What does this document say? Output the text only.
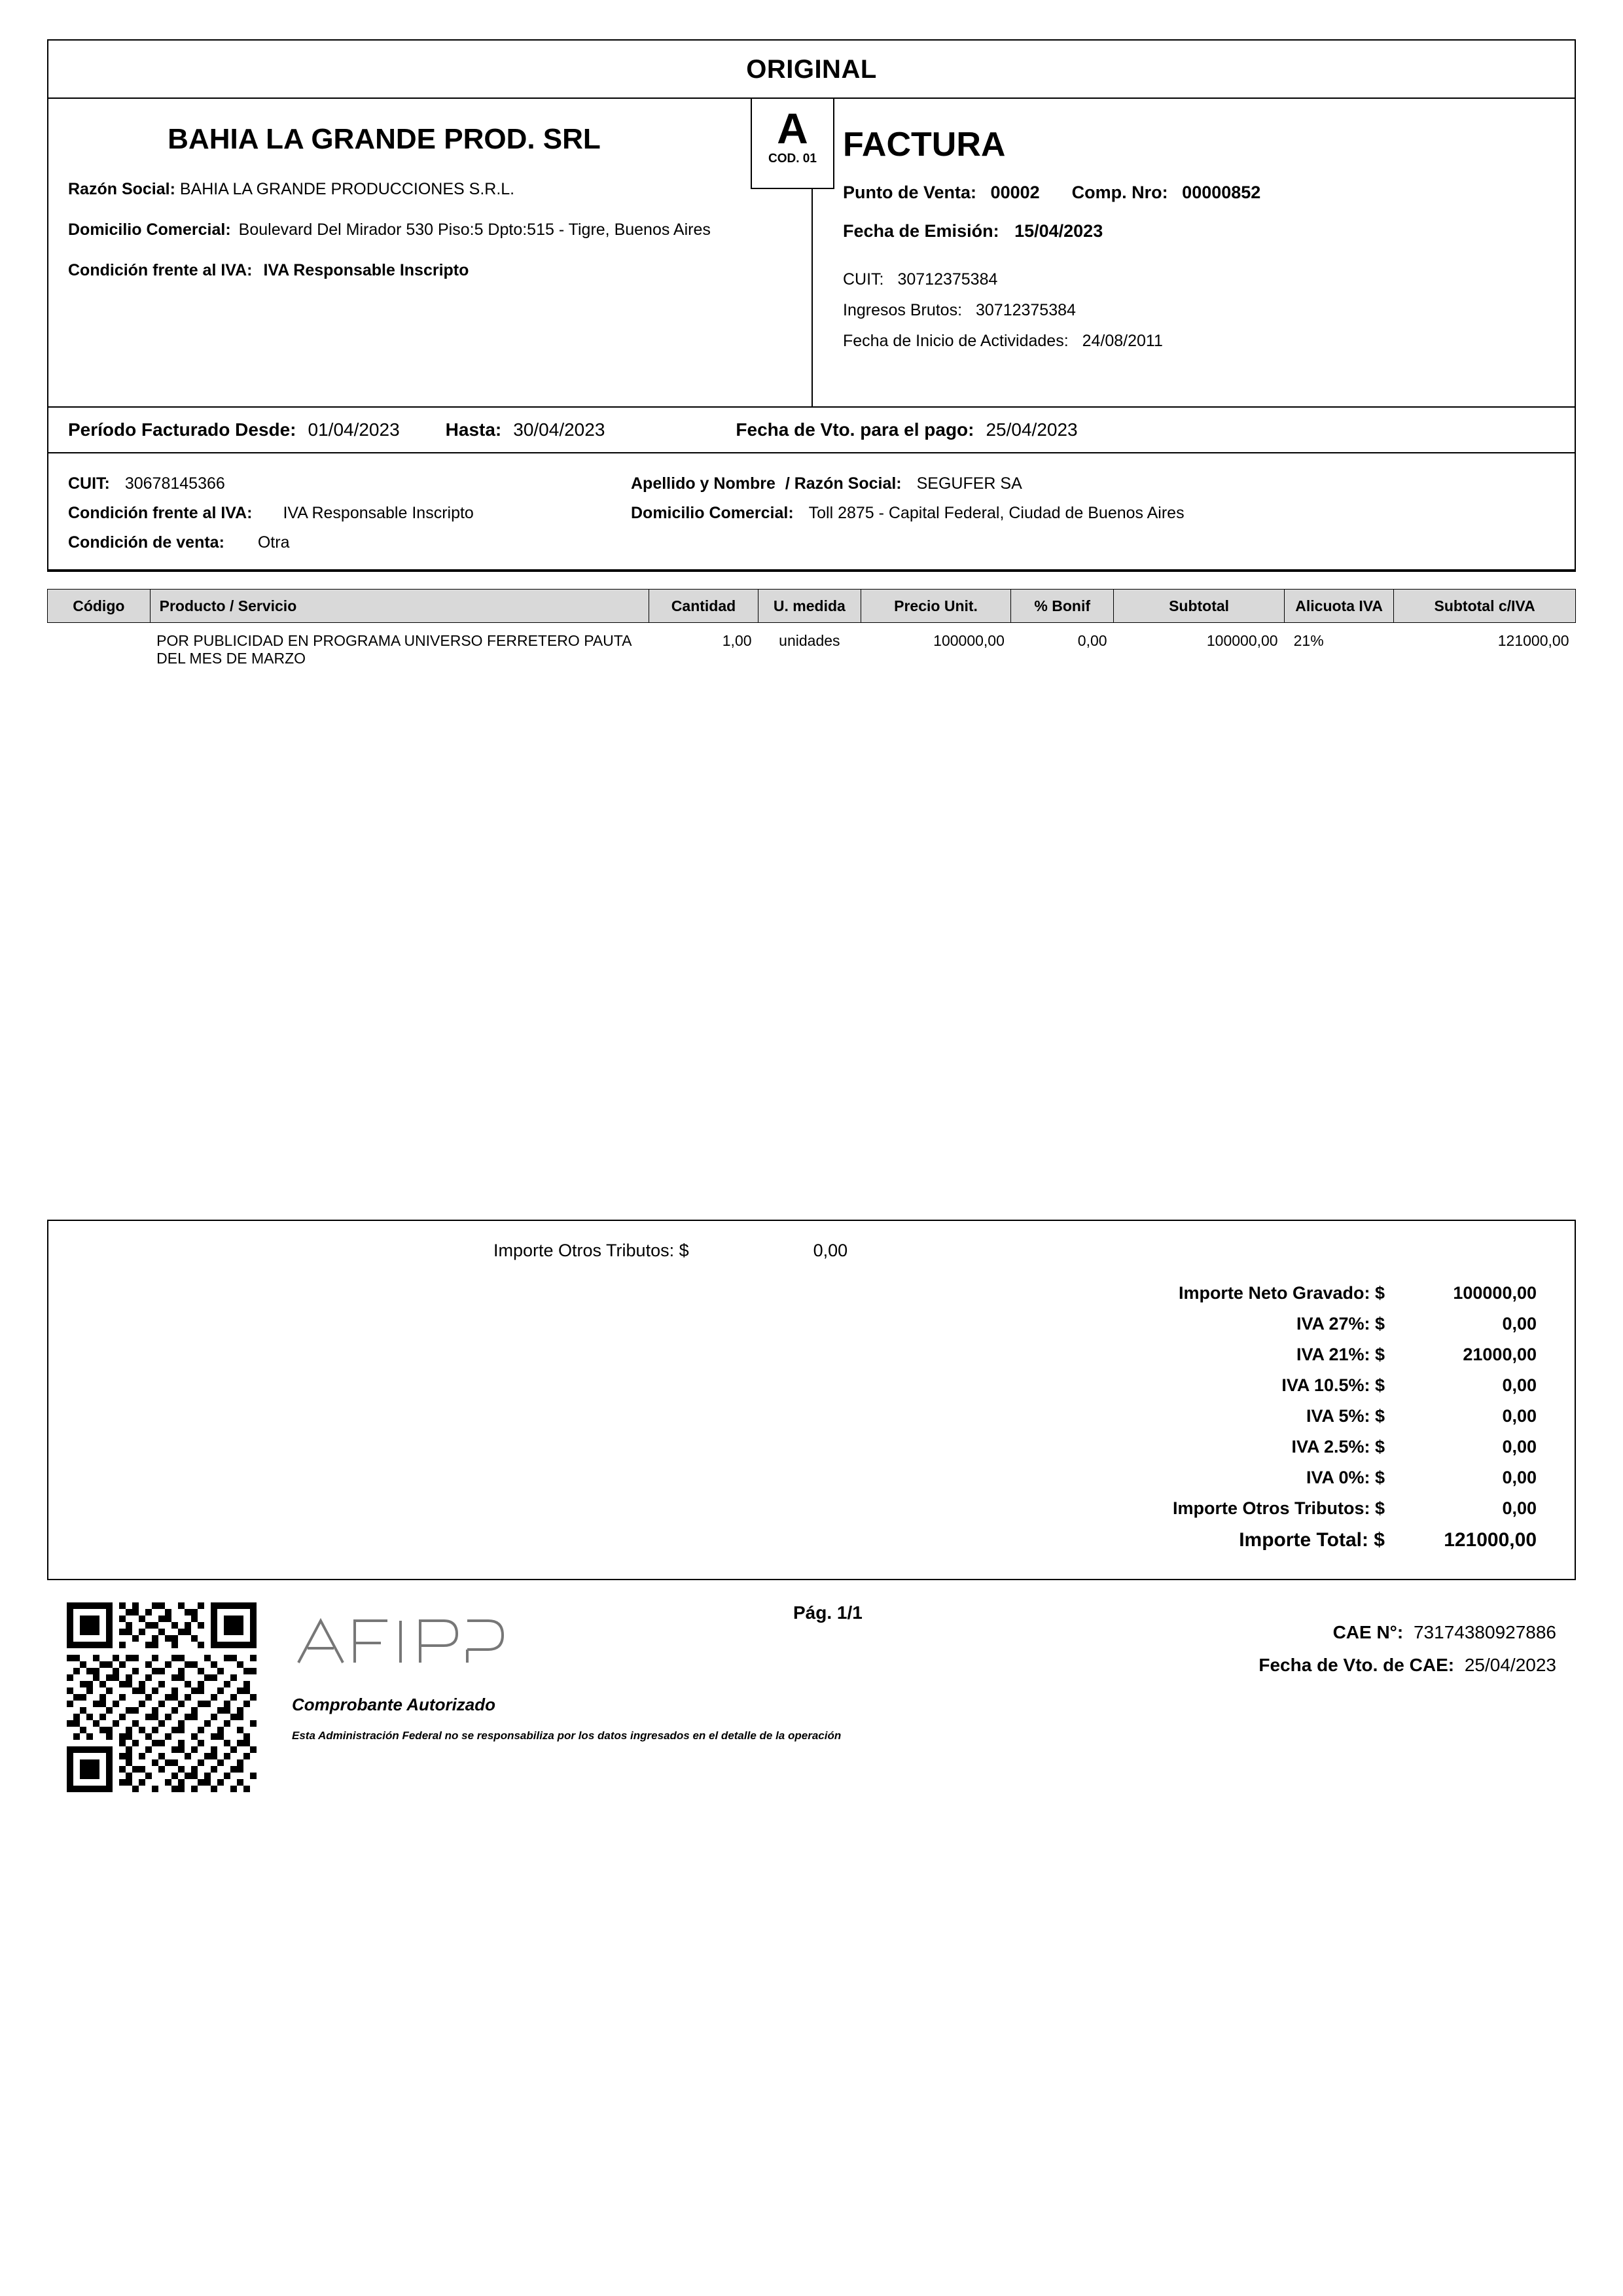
ORIGINAL
A
COD. 01
BAHIA LA GRANDE PROD. SRL
Razón Social: BAHIA LA GRANDE PRODUCCIONES S.R.L.
Domicilio Comercial: Boulevard Del Mirador 530 Piso:5 Dpto:515 - Tigre, Buenos Aires
Condición frente al IVA: IVA Responsable Inscripto
FACTURA
Punto de Venta: 00002 Comp. Nro: 00000852
Fecha de Emisión: 15/04/2023
CUIT: 30712375384
Ingresos Brutos: 30712375384
Fecha de Inicio de Actividades: 24/08/2011
Período Facturado Desde: 01/04/2023	Hasta: 30/04/2023	Fecha de Vto. para el pago: 25/04/2023
CUIT: 30678145366	Apellido y Nombre / Razón Social: SEGUFER SA
Condición frente al IVA: IVA Responsable Inscripto	Domicilio Comercial: Toll 2875 - Capital Federal, Ciudad de Buenos Aires
Condición de venta: Otra
Código	Producto / Servicio	Cantidad	U. medida	Precio Unit.	% Bonif	Subtotal	Alicuota IVA	Subtotal c/IVA
	POR PUBLICIDAD EN PROGRAMA UNIVERSO FERRETERO PAUTA DEL MES DE MARZO	1,00	unidades	100000,00	0,00	100000,00	21%	121000,00
Importe Otros Tributos: $	0,00
Importe Neto Gravado: $	100000,00
IVA 27%: $	0,00
IVA 21%: $	21000,00
IVA 10.5%: $	0,00
IVA 5%: $	0,00
IVA 2.5%: $	0,00
IVA 0%: $	0,00
Importe Otros Tributos: $	0,00
Importe Total: $	121000,00
Comprobante Autorizado
Esta Administración Federal no se responsabiliza por los datos ingresados en el detalle de la operación
Pág. 1/1
CAE N°: 73174380927886
Fecha de Vto. de CAE: 25/04/2023
